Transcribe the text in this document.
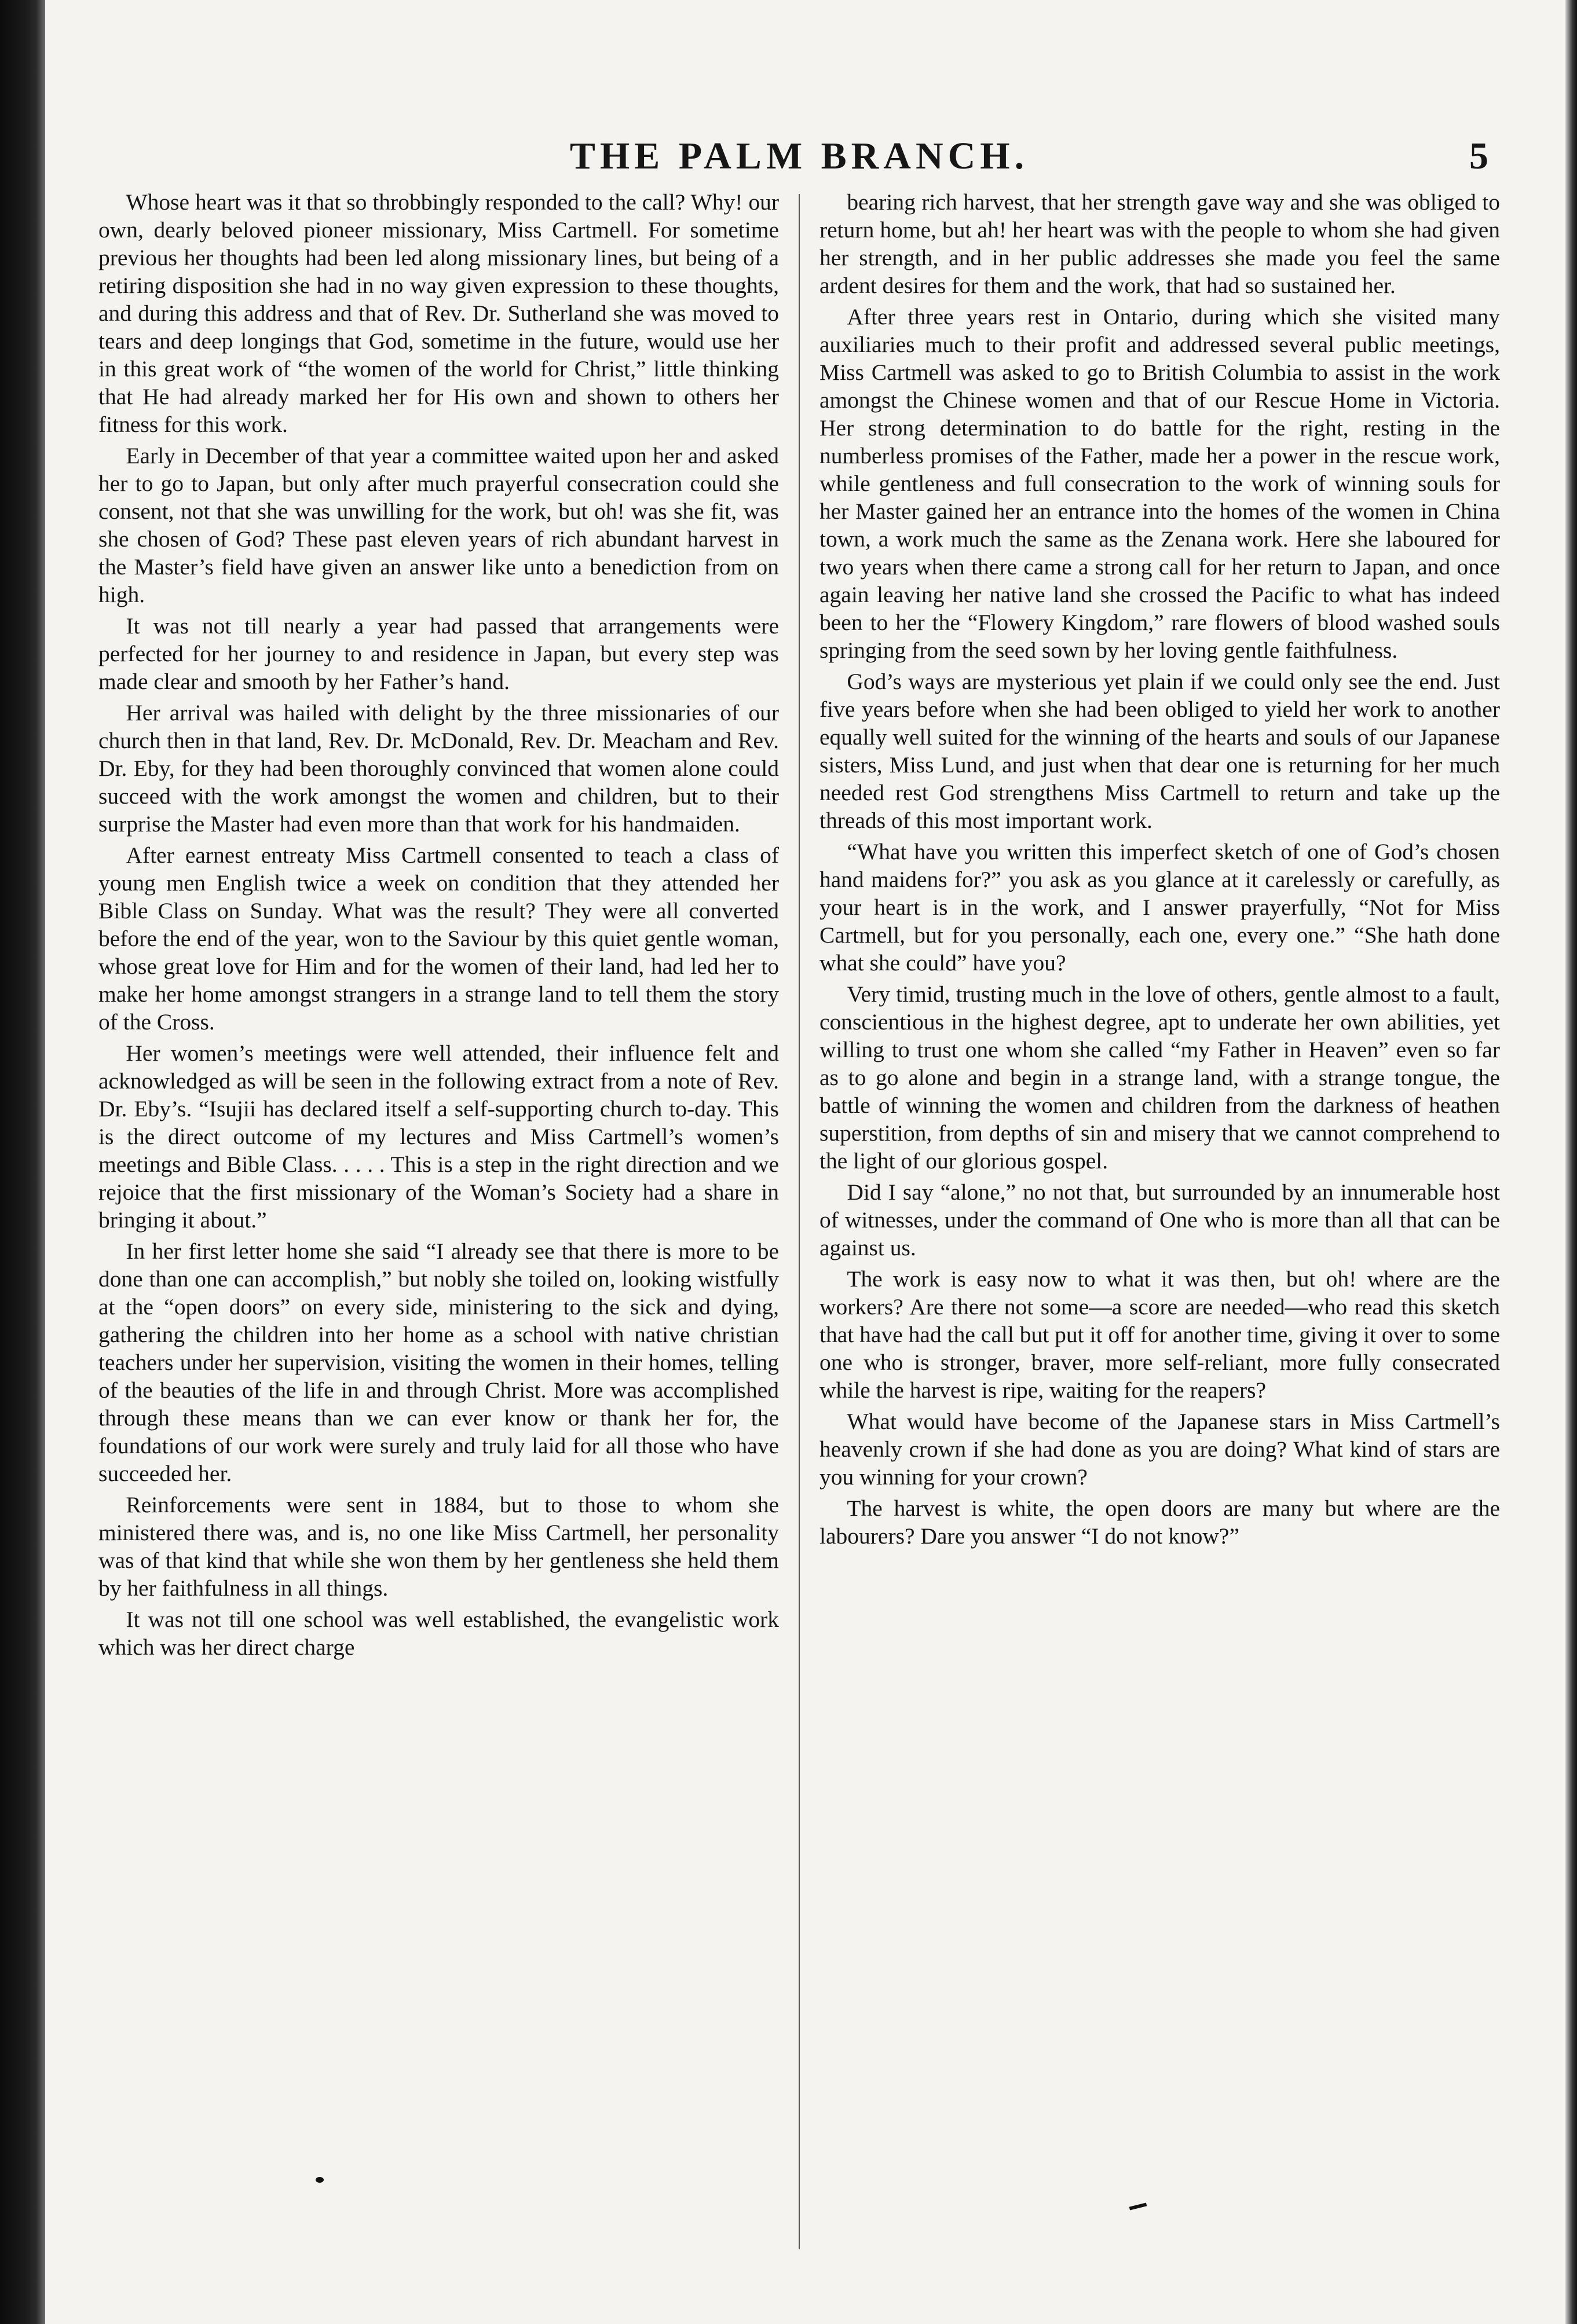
THE PALM BRANCH.	5

Whose heart was it that so throbbingly responded to the call? Why! our own, dearly beloved pioneer missionary, Miss Cartmell. For sometime previous her thoughts had been led along missionary lines, but being of a retiring disposition she had in no way given expression to these thoughts, and during this address and that of Rev. Dr. Sutherland she was moved to tears and deep longings that God, sometime in the future, would use her in this great work of “the women of the world for Christ,” little thinking that He had already marked her for His own and shown to others her fitness for this work.

Early in December of that year a committee waited upon her and asked her to go to Japan, but only after much prayerful consecration could she consent, not that she was unwilling for the work, but oh! was she fit, was she chosen of God? These past eleven years of rich abundant harvest in the Master’s field have given an answer like unto a benediction from on high.

It was not till nearly a year had passed that arrangements were perfected for her journey to and residence in Japan, but every step was made clear and smooth by her Father’s hand.

Her arrival was hailed with delight by the three missionaries of our church then in that land, Rev. Dr. McDonald, Rev. Dr. Meacham and Rev. Dr. Eby, for they had been thoroughly convinced that women alone could succeed with the work amongst the women and children, but to their surprise the Master had even more than that work for his handmaiden.

After earnest entreaty Miss Cartmell consented to teach a class of young men English twice a week on condition that they attended her Bible Class on Sunday. What was the result? They were all converted before the end of the year, won to the Saviour by this quiet gentle woman, whose great love for Him and for the women of their land, had led her to make her home amongst strangers in a strange land to tell them the story of the Cross.

Her women’s meetings were well attended, their influence felt and acknowledged as will be seen in the following extract from a note of Rev. Dr. Eby’s. “Isujii has declared itself a self-supporting church to-day. This is the direct outcome of my lectures and Miss Cartmell’s women’s meetings and Bible Class. . . . . This is a step in the right direction and we rejoice that the first missionary of the Woman’s Society had a share in bringing it about.”

In her first letter home she said “I already see that there is more to be done than one can accomplish,” but nobly she toiled on, looking wistfully at the “open doors” on every side, ministering to the sick and dying, gathering the children into her home as a school with native christian teachers under her supervision, visiting the women in their homes, telling of the beauties of the life in and through Christ. More was accomplished through these means than we can ever know or thank her for, the foundations of our work were surely and truly laid for all those who have succeeded her.

Reinforcements were sent in 1884, but to those to whom she ministered there was, and is, no one like Miss Cartmell, her personality was of that kind that while she won them by her gentleness she held them by her faithfulness in all things.

It was not till one school was well established, the evangelistic work which was her direct charge

bearing rich harvest, that her strength gave way and she was obliged to return home, but ah! her heart was with the people to whom she had given her strength, and in her public addresses she made you feel the same ardent desires for them and the work, that had so sustained her.

After three years rest in Ontario, during which she visited many auxiliaries much to their profit and addressed several public meetings, Miss Cartmell was asked to go to British Columbia to assist in the work amongst the Chinese women and that of our Rescue Home in Victoria. Her strong determination to do battle for the right, resting in the numberless promises of the Father, made her a power in the rescue work, while gentleness and full consecration to the work of winning souls for her Master gained her an entrance into the homes of the women in China town, a work much the same as the Zenana work. Here she laboured for two years when there came a strong call for her return to Japan, and once again leaving her native land she crossed the Pacific to what has indeed been to her the “Flowery Kingdom,” rare flowers of blood washed souls springing from the seed sown by her loving gentle faithfulness.

God’s ways are mysterious yet plain if we could only see the end. Just five years before when she had been obliged to yield her work to another equally well suited for the winning of the hearts and souls of our Japanese sisters, Miss Lund, and just when that dear one is returning for her much needed rest God strengthens Miss Cartmell to return and take up the threads of this most important work.

“What have you written this imperfect sketch of one of God’s chosen hand maidens for?” you ask as you glance at it carelessly or carefully, as your heart is in the work, and I answer prayerfully, “Not for Miss Cartmell, but for you personally, each one, every one.” “She hath done what she could” have you?

Very timid, trusting much in the love of others, gentle almost to a fault, conscientious in the highest degree, apt to underate her own abilities, yet willing to trust one whom she called “my Father in Heaven” even so far as to go alone and begin in a strange land, with a strange tongue, the battle of winning the women and children from the darkness of heathen superstition, from depths of sin and misery that we cannot comprehend to the light of our glorious gospel.

Did I say “alone,” no not that, but surrounded by an innumerable host of witnesses, under the command of One who is more than all that can be against us.

The work is easy now to what it was then, but oh! where are the workers? Are there not some—a score are needed—who read this sketch that have had the call but put it off for another time, giving it over to some one who is stronger, braver, more self-reliant, more fully consecrated while the harvest is ripe, waiting for the reapers?

What would have become of the Japanese stars in Miss Cartmell’s heavenly crown if she had done as you are doing? What kind of stars are you winning for your crown?

The harvest is white, the open doors are many but where are the labourers? Dare you answer “I do not know?”
